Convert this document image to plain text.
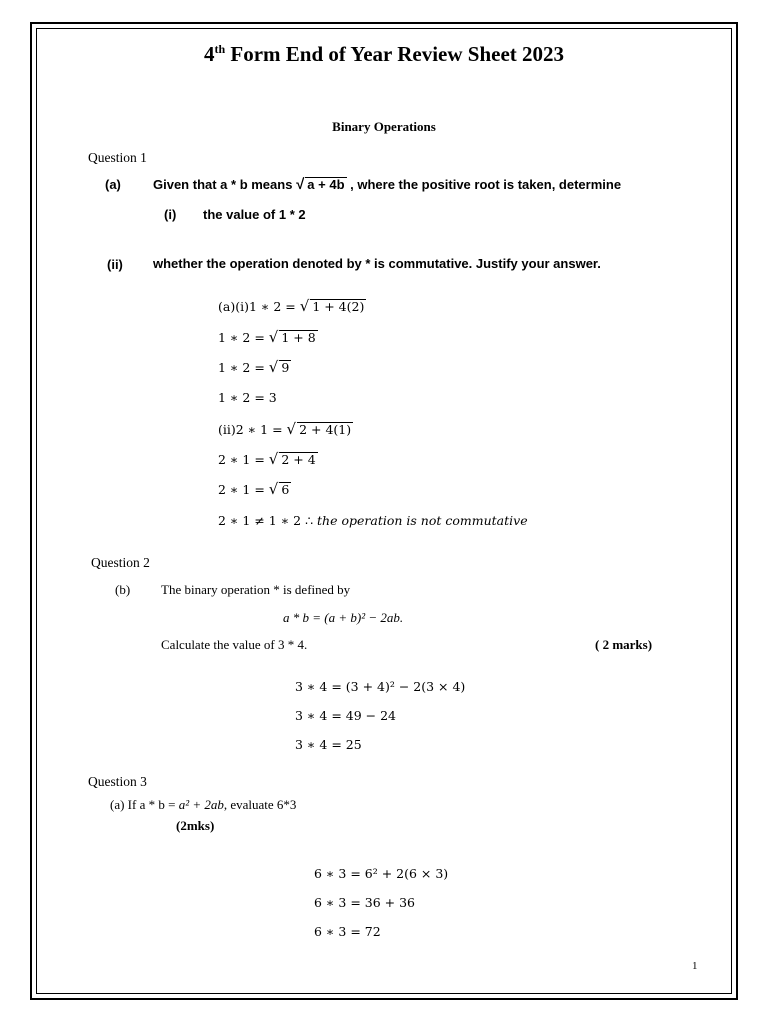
4th Form End of Year Review Sheet 2023
Binary Operations
Question 1
(a) Given that a * b means √ a + 4b , where the positive root is taken, determine
(i) the value of 1 * 2
(ii) whether the operation denoted by * is commutative. Justify your answer.
(a)(i)1 ∗ 2 = √ 1 + 4(2)
1 ∗ 2 = √ 1 + 8
1 ∗ 2 = √ 9
1 ∗ 2 = 3
(ii)2 ∗ 1 = √ 2 + 4(1)
2 ∗ 1 = √ 2 + 4
2 ∗ 1 = √ 6
2 ∗ 1 ≠ 1 ∗ 2 ∴ the operation is not commutative
Question 2
(b) The binary operation * is defined by
a * b = (a + b)² − 2ab.
Calculate the value of 3 * 4.	( 2 marks)
3 ∗ 4 = (3 + 4)² − 2(3 × 4)
3 ∗ 4 = 49 − 24
3 ∗ 4 = 25
Question 3
(a) If a * b = a² + 2ab, evaluate 6*3
(2mks)
6 ∗ 3 = 6² + 2(6 × 3)
6 ∗ 3 = 36 + 36
6 ∗ 3 = 72
1
